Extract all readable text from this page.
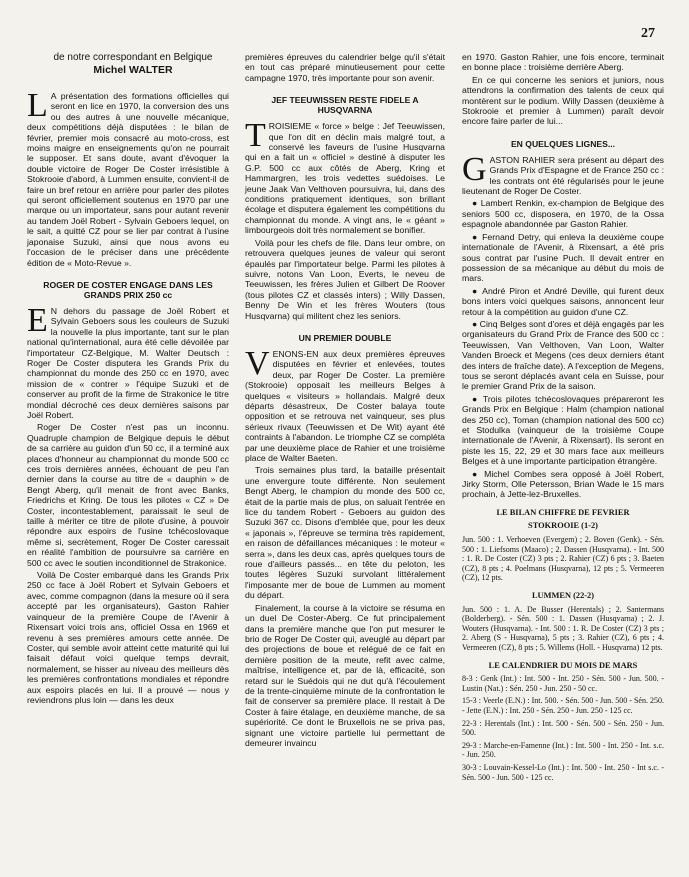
27

de notre correspondant en Belgique

Michel WALTER

L A présentation des formations officielles qui seront en lice en 1970, la conversion des uns ou des autres à une nouvelle mécanique, deux compétitions déjà disputées : le bilan de février, premier mois consacré au moto-cross, est moins maigre en enseignements qu'on ne pourrait le supposer. Et sans doute, avant d'évoquer la double victoire de Roger De Coster irrésistible à Stokrooie d'abord, à Lummen ensuite, convient-il de faire un bref retour en arrière pour parler des pilotes qui seront officiellement soutenus en 1970 par une marque ou un importateur, sans pour autant revenir au tandem Joël Robert - Sylvain Geboers lequel, on le sait, a quitté CZ pour se lier par contrat à l'usine japonaise Suzuki, ainsi que nous avons eu l'occasion de le préciser dans une précédente édition de « Moto-Revue ».

ROGER DE COSTER ENGAGE DANS LES GRANDS PRIX 250 cc

E N dehors du passage de Joël Robert et Sylvain Geboers sous les couleurs de Suzuki la nouvelle la plus importante, tant sur le plan national qu'international, aura été celle dévoilée par l'importateur CZ-Belgique, M. Walter Deutsch : Roger De Coster disputera les Grands Prix du championnat du monde des 250 cc en 1970, avec mission de « contrer » l'équipe Suzuki et de conserver au profit de la firme de Strakonice le titre mondial décroché ces deux dernières saisons par Joël Robert.

Roger De Coster n'est pas un inconnu. Quadruple champion de Belgique depuis le début de sa carrière au guidon d'un 50 cc, il a terminé aux places d'honneur au championnat du monde 500 cc ces trois dernières années, échouant de peu l'an dernier dans la course au titre de « dauphin » de Bengt Aberg, qu'il menait de front avec Banks, Friedrichs et Kring. De tous les pilotes « CZ » De Coster, incontestablement, paraissait le seul de taille à mériter ce titre de pilote d'usine, à pouvoir répondre aux espoirs de l'usine tchécoslovaque même si, secrètement, Roger De Coster caressait en réalité l'ambition de poursuivre sa carrière en 500 cc avec le soutien inconditionnel de Strakonice.

Voilà De Coster embarqué dans les Grands Prix 250 cc face à Joël Robert et Sylvain Geboers et avec, comme compagnon (dans la mesure où il sera accepté par les organisateurs), Gaston Rahier vainqueur de la première Coupe de l'Avenir à Rixensart voici trois ans, officiel Ossa en 1969 et revenu à ses premières amours cette année. De Coster, qui semble avoir atteint cette maturité qui lui faisait défaut voici quelque temps devrait, normalement, se hisser au niveau des meilleurs dès les premières confrontations mondiales et répondre aux espoirs placés en lui. Il a prouvé — nous y reviendrons plus loin — dans les deux

premières épreuves du calendrier belge qu'il s'était en tout cas préparé minutieusement pour cette campagne 1970, très importante pour son avenir.

JEF TEEUWISSEN RESTE FIDELE A HUSQVARNA

TROISIEME « force » belge : Jef Teeuwissen, que l'on dit en déclin mais malgré tout, a conservé les faveurs de l'usine Husqvarna qui en a fait un « officiel » destiné à disputer les G.P. 500 cc aux côtés de Aberg, Kring et Hammargren, les trois vedettes suédoises. Le jeune Jaak Van Velthoven poursuivra, lui, dans des conditions pratiquement identiques, son brillant écolage et disputera également les compétitions du championnat du monde. A vingt ans, le « géant » limbourgeois doit très normalement se bonifier.

Voilà pour les chefs de file. Dans leur ombre, on retrouvera quelques jeunes de valeur qui seront épaulés par l'importateur belge. Parmi les pilotes à suivre, notons Van Loon, Everts, le neveu de Teeuwissen, les frères Julien et Gilbert De Roover (tous pilotes CZ et classés inters) ; Willy Dassen, Benny De Win et les frères Wouters (tous Husqvarna) qui militent chez les seniors.

UN PREMIER DOUBLE

VENONS-EN aux deux premières épreuves disputées en février et enlevées, toutes deux, par Roger De Coster. La première (Stokrooie) opposait les meilleurs Belges à quelques « visiteurs » hollandais. Malgré deux départs désastreux, De Coster balaya toute opposition et se retrouva net vainqueur, ses plus sérieux rivaux (Teeuwissen et De Wit) ayant été contraints à l'abandon. Le triomphe CZ se compléta par une deuxième place de Rahier et une troisième place de Walter Baeten.

Trois semaines plus tard, la bataille présentait une envergure toute différente. Non seulement Bengt Aberg, le champion du monde des 500 cc, était de la partie mais de plus, on saluait l'entrée en lice du tandem Robert - Geboers au guidon des Suzuki 367 cc. Disons d'emblée que, pour les deux « japonais », l'épreuve se termina très rapidement, en raison de défaillances mécaniques : le moteur « serra », dans les deux cas, après quelques tours de roue d'ailleurs passés... en tête du peloton, les toutes légères Suzuki survolant littéralement l'imposante mer de boue de Lummen au moment du départ.

Finalement, la course à la victoire se résuma en un duel De Coster-Aberg. Ce fut principalement dans la première manche que l'on put mesurer le brio de Roger De Coster qui, aveuglé au départ par des projections de boue et relégué de ce fait en dernière position de la meute, refit avec calme, maîtrise, intelligence et, par de là, efficacité, son retard sur le Suédois qui ne dut qu'à l'écoulement de la trente-cinquième minute de la confrontation le fait de conserver sa première place. Il restait à De Coster à faire étalage, en deuxième manche, de sa supériorité. Ce dont le Bruxellois ne se priva pas, signant une victoire partielle lui permettant de demeurer invaincu

en 1970. Gaston Rahier, une fois encore, terminait en bonne place : troisième derrière Aberg.

En ce qui concerne les seniors et juniors, nous attendrons la confirmation des talents de ceux qui montèrent sur le podium. Willy Dassen (deuxième à Stokrooie et premier à Lummen) paraît devoir encore faire parler de lui...

EN QUELQUES LIGNES...

GASTON RAHIER sera présent au départ des Grands Prix d'Espagne et de France 250 cc : les contrats ont été régularisés pour le jeune lieutenant de Roger De Coster.

● Lambert Renkin, ex-champion de Belgique des seniors 500 cc, disposera, en 1970, de la Ossa espagnole abandonnée par Gaston Rahier.

● Fernand Detry, qui enleva la deuxième coupe internationale de l'Avenir, à Rixensart, a été pris sous contrat par l'usine Puch. Il devait entrer en possession de sa mécanique au début du mois de mars.

● André Piron et André Deville, qui furent deux bons inters voici quelques saisons, annoncent leur retour à la compétition au guidon d'une CZ.

● Cinq Belges sont d'ores et déjà engagés par les organisateurs du Grand Prix de France des 500 cc : Teeuwissen, Van Velthoven, Van Loon, Walter Vanden Broeck et Megens (ces deux derniers étant des inters de fraîche date). A l'exception de Megens, tous se seront déplacés avant cela en Suisse, pour le premier Grand Prix de la saison.

● Trois pilotes tchécoslovaques prépareront les Grands Prix en Belgique : Halm (champion national des 250 cc), Toman (champion national des 500 cc) et Stodulka (vainqueur de la troisième Coupe internationale de l'Avenir, à Rixensart). Ils seront en piste les 15, 22, 29 et 30 mars face aux meilleurs Belges et à une importante participation étrangère.

● Michel Combes sera opposé à Joël Robert, Jirky Storm, Olle Petersson, Brian Wade le 15 mars prochain, à Jette-lez-Bruxelles.

LE BILAN CHIFFRE DE FEVRIER

STOKROOIE (1-2)

Jun. 500 : 1. Verhoeven (Evergem) ; 2. Boven (Genk). - Sén. 500 : 1. Liefsoms (Maaco) ; 2. Dassen (Husqvarna). - Int. 500 : 1. R. De Coster (CZ) 3 pts ; 2. Rahier (CZ) 6 pts ; 3. Baeten (CZ), 8 pts ; 4. Poelmans (Husqvarna), 12 pts ; 5. Vermeeren (CZ), 12 pts.

LUMMEN (22-2)

Jun. 500 : 1. A. De Busser (Herentals) ; 2. Santermans (Bolderberg). - Sén. 500 : 1. Dassen (Husqvarna) ; 2. J. Wouters (Husqvarna). - Int. 500 : 1. R. De Coster (CZ) 3 pts ; 2. Aberg (S - Husqvarna), 5 pts ; 3. Rahier (CZ), 6 pts ; 4. Vermeeren (CZ), 8 pts ; 5. Willems (Holl. - Husqvarna) 12 pts.

LE CALENDRIER DU MOIS DE MARS

8-3 : Genk (Int.) : Int. 500 - Int. 250 - Sén. 500 - Jun. 500. - Lustin (Nat.) : Sén. 250 - Jun. 250 - 50 cc.

15-3 : Veerle (E.N.) : Int. 500. - Sén. 500 - Jun. 500 - Sén. 250. - Jette (E.N.) : Int. 250 - Sén. 250 - Jun. 250 - 125 cc.

22-3 : Herentals (Int.) : Int. 500 - Sén. 500 - Sén. 250 - Jun. 500.

29-3 : Marche-en-Famenne (Int.) : Int. 500 - Int. 250 - Int. s.c. - Jun. 250.

30-3 : Louvain-Kessel-Lo (Int.) : Int. 500 - Int. 250 - Int s.c. - Sén. 500 - Jun. 500 - 125 cc.
